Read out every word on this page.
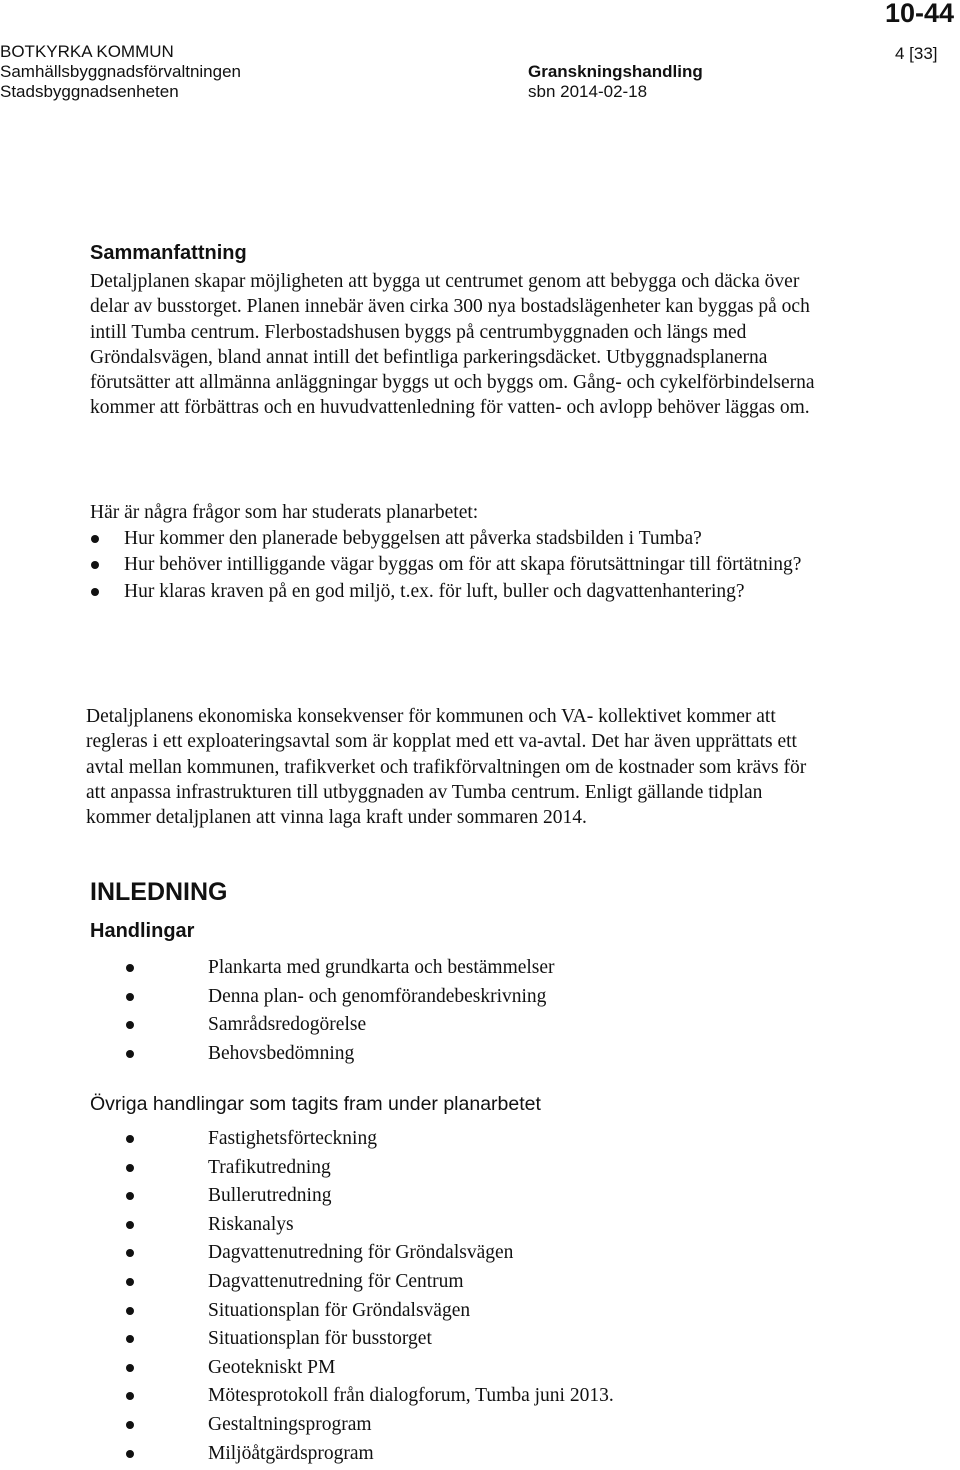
10-44
BOTKYRKA KOMMUN
Samhällsbyggnadsförvaltningen
Stadsbyggnadsenheten
Granskningshandling
sbn 2014-02-18
4 [33]
Sammanfattning
Detaljplanen skapar möjligheten att bygga ut centrumet genom att bebygga och däcka över delar av busstorget. Planen innebär även cirka 300 nya bostadslägenheter kan byggas på och intill Tumba centrum. Flerbostadshusen byggs på centrumbyggnaden och längs med Gröndalsvägen, bland annat intill det befintliga parkeringsdäcket. Utbyggnadsplanerna förutsätter att allmänna anläggningar byggs ut och byggs om. Gång- och cykelförbindelserna kommer att förbättras och en huvudvattenledning för vatten- och avlopp behöver läggas om.
Här är några frågor som har studerats planarbetet:
Hur kommer den planerade bebyggelsen att påverka stadsbilden i Tumba?
Hur behöver intilliggande vägar byggas om för att skapa förutsättningar till förtätning?
Hur klaras kraven på en god miljö, t.ex. för luft, buller och dagvattenhantering?
Detaljplanens ekonomiska konsekvenser för kommunen och VA- kollektivet kommer att regleras i ett exploateringsavtal som är kopplat med ett va-avtal. Det har även upprättats ett avtal mellan kommunen, trafikverket och trafikförvaltningen om de kostnader som krävs för att anpassa infrastrukturen till utbyggnaden av Tumba centrum. Enligt gällande tidplan kommer detaljplanen att vinna laga kraft under sommaren 2014.
INLEDNING
Handlingar
Plankarta med grundkarta och bestämmelser
Denna plan- och genomförandebeskrivning
Samrådsredogörelse
Behovsbedömning
Övriga handlingar som tagits fram under planarbetet
Fastighetsförteckning
Trafikutredning
Bullerutredning
Riskanalys
Dagvattenutredning för Gröndalsvägen
Dagvattenutredning för Centrum
Situationsplan för Gröndalsvägen
Situationsplan för busstorget
Geotekniskt PM
Mötesprotokoll från dialogforum, Tumba juni 2013.
Gestaltningsprogram
Miljöåtgärdsprogram
